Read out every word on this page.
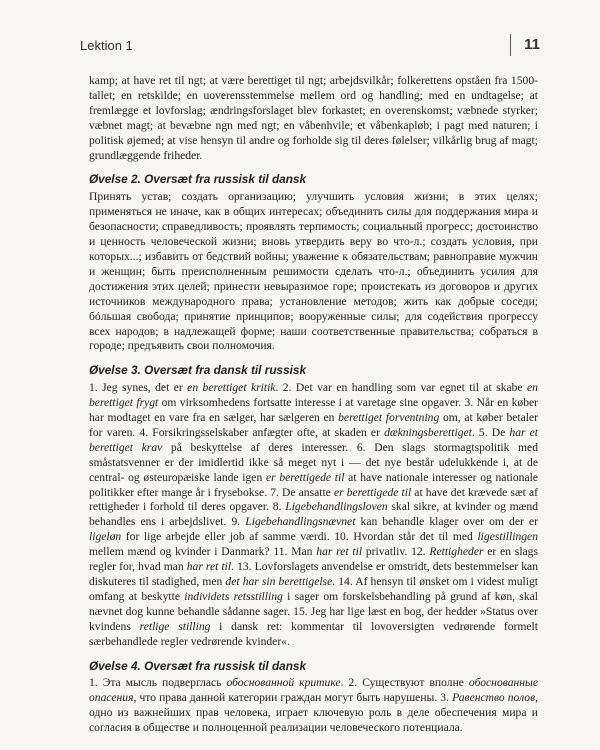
Lektion 1	11

kamp; at have ret til ngt; at være berettiget til ngt; arbejdsvilkår; folkerettens opståen fra 1500-tallet; en retskilde; en uoverensstemmelse mellem ord og handling; med en undtagelse; at fremlægge et lovforslag; ændringsforslaget blev forkastet; en overenskomst; væbnede styrker; væbnet magt; at bevæbne ngn med ngt; en våbenhvile; et våbenkapløb; i pagt med naturen; i politisk øjemed; at vise hensyn til andre og forholde sig til deres følelser; vilkårlig brug af magt; grundlæggende friheder.

Øvelse 2. Oversæt fra russisk til dansk

Принять устав; создать организацию; улучшить условия жизни; в этих целях; применяться не иначе, как в общих интересах; объединить силы для поддержания мира и безопасности; справедливость; проявлять терпимость; социальный прогресс; достоинство и ценность человеческой жизни; вновь утвердить веру во что-л.; создать условия, при которых...; избавить от бедствий войны; уважение к обязательствам; равноправие мужчин и женщин; быть преисполненным решимости сделать что-л.; объединить усилия для достижения этих целей; принести невыразимое горе; проистекать из договоров и других источников международного права; установление методов; жить как добрые соседи; бóльшая свобода; принятие принципов; вооруженные силы; для содействия прогрессу всех народов; в надлежащей форме; наши соответственные правительства; собраться в городе; предъявить свои полномочия.

Øvelse 3. Oversæt fra dansk til russisk

1. Jeg synes, det er en berettiget kritik. 2. Det var en handling som var egnet til at skabe en berettiget frygt om virksomhedens fortsatte interesse i at varetage sine opgaver. 3. Når en køber har modtaget en vare fra en sælger, har sælgeren en berettiget forventning om, at køber betaler for varen. 4. Forsikringsselskaber anfægter ofte, at skaden er dækningsberettiget. 5. De har et berettiget krav på beskyttelse af deres interesser. 6. Den slags stormagtspolitik med småstatsvenner er der imidlertid ikke så meget nyt i — det nye består udelukkende i, at de central- og østeuropæiske lande igen er berettigede til at have nationale interesser og nationale politikker efter mange år i frysebokse. 7. De ansatte er berettigede til at have det krævede sæt af rettigheder i forhold til deres opgaver. 8. Ligebehandlingsloven skal sikre, at kvinder og mænd behandles ens i arbejdslivet. 9. Ligebehandlingsnævnet kan behandle klager over om der er ligeløn for lige arbejde eller job af samme værdi. 10. Hvordan står det til med ligestillingen mellem mænd og kvinder i Danmark? 11. Man har ret til privatliv. 12. Rettigheder er en slags regler for, hvad man har ret til. 13. Lovforslagets anvendelse er omstridt, dets bestemmelser kan diskuteres til stadighed, men det har sin berettigelse. 14. Af hensyn til ønsket om i videst muligt omfang at beskytte individets retsstilling i sager om forskelsbehandling på grund af køn, skal nævnet dog kunne behandle sådanne sager. 15. Jeg har lige læst en bog, der hedder »Status over kvindens retlige stilling i dansk ret: kommentar til lovoversigten vedrørende formelt særbehandlede regler vedrørende kvinder«.

Øvelse 4. Oversæt fra russisk til dansk

1. Эта мысль подверглась обоснованной критике. 2. Существуют вполне обоснованные опасения, что права данной категории граждан могут быть нарушены. 3. Равенство полов, одно из важнейших прав человека, играет ключевую роль в деле обеспечения мира и согласия в обществе и полноценной реализации человеческого потенциала.
